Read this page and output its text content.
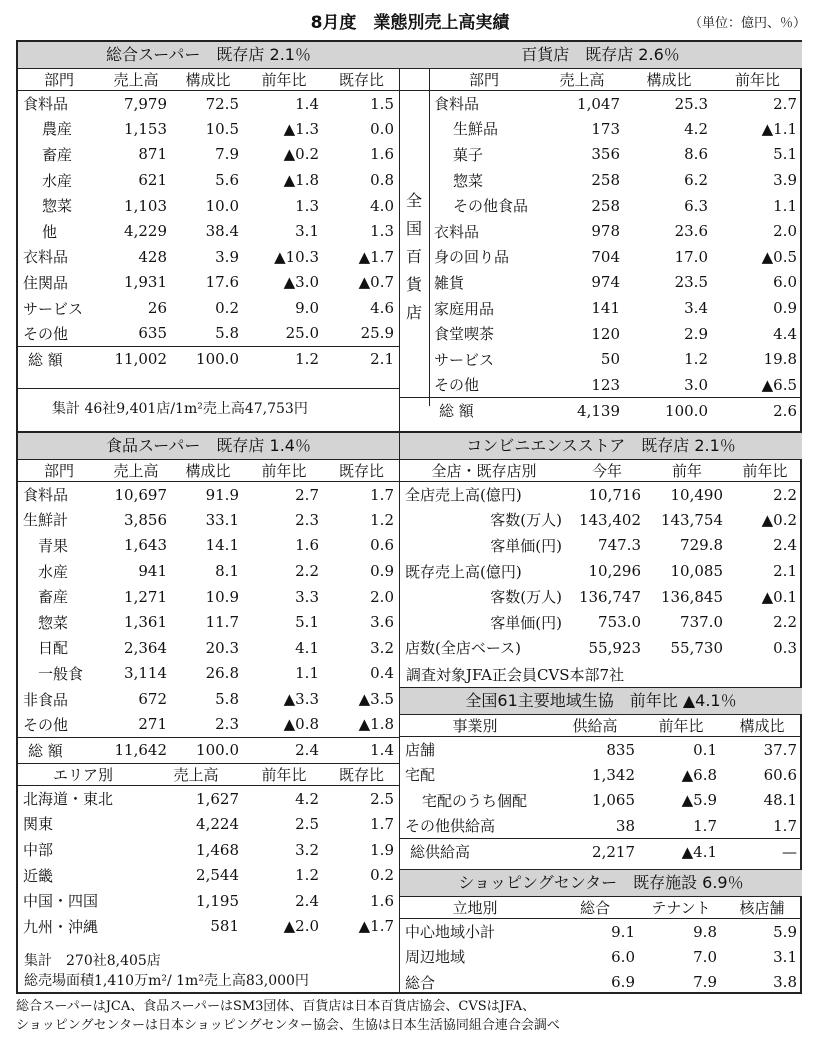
8月度　業態別売上高実績	（単位：億円、％）
総合スーパー　既存店 2.1％
部門	売上高	構成比	前年比	既存比
食料品	7,979	72.5	1.4	1.5
農産	1,153	10.5	▲1.3	0.0
畜産	871	7.9	▲0.2	1.6
水産	621	5.6	▲1.8	0.8
惣菜	1,103	10.0	1.3	4.0
他	4,229	38.4	3.1	1.3
衣料品	428	3.9	▲10.3	▲1.7
住関品	1,931	17.6	▲3.0	▲0.7
サービス	26	0.2	9.0	4.6
その他	635	5.8	25.0	25.9
総 額	11,002	100.0	1.2	2.1
集計 46社9,401店/1m²売上高47,753円
百貨店　既存店 2.6％
全
国
百
貨
店
	部門	売上高	構成比	前年比
	食料品	1,047	25.3	2.7
	生鮮品	173	4.2	▲1.1
	菓子	356	8.6	5.1
	惣菜	258	6.2	3.9
	その他食品	258	6.3	1.1
	衣料品	978	23.6	2.0
	身の回り品	704	17.0	▲0.5
	雑貨	974	23.5	6.0
	家庭用品	141	3.4	0.9
	食堂喫茶	120	2.9	4.4
	サービス	50	1.2	19.8
	その他	123	3.0	▲6.5
	総 額	4,139	100.0	2.6
食品スーパー　既存店 1.4％
部門	売上高	構成比	前年比	既存比
食料品	10,697	91.9	2.7	1.7
生鮮計	3,856	33.1	2.3	1.2
青果	1,643	14.1	1.6	0.6
水産	941	8.1	2.2	0.9
畜産	1,271	10.9	3.3	2.0
惣菜	1,361	11.7	5.1	3.6
日配	2,364	20.3	4.1	3.2
一般食	3,114	26.8	1.1	0.4
非食品	672	5.8	▲3.3	▲3.5
その他	271	2.3	▲0.8	▲1.8
総 額	11,642	100.0	2.4	1.4
エリア別	売上高	前年比	既存比
北海道・東北	1,627	4.2	2.5
関東	4,224	2.5	1.7
中部	1,468	3.2	1.9
近畿	2,544	1.2	0.2
中国・四国	1,195	2.4	1.6
九州・沖縄	581	▲2.0	▲1.7
集計　270社8,405店
総売場面積1,410万m²/ 1m²売上高83,000円
コンビニエンスストア　既存店 2.1％
全店・既存店別	今年	前年	前年比
全店売上高(億円)	10,716	10,490	2.2
客数(万人)	143,402	143,754	▲0.2
客単価(円)	747.3	729.8	2.4
既存売上高(億円)	10,296	10,085	2.1
客数(万人)	136,747	136,845	▲0.1
客単価(円)	753.0	737.0	2.2
店数(全店ベース)	55,923	55,730	0.3
調査対象JFA正会員CVS本部7社
全国61主要地域生協　前年比 ▲4.1％
事業別	供給高	前年比	構成比
店舗	835	0.1	37.7
宅配	1,342	▲6.8	60.6
宅配のうち個配	1,065	▲5.9	48.1
その他供給高	38	1.7	1.7
総供給高	2,217	▲4.1	—
ショッピングセンター　既存施設 6.9％
立地別	総合	テナント	核店舗
中心地域小計	9.1	9.8	5.9
周辺地域	6.0	7.0	3.1
総合	6.9	7.9	3.8
総合スーパーはJCA、食品スーパーはSM3団体、百貨店は日本百貨店協会、CVSはJFA、
ショッピングセンターは日本ショッピングセンター協会、生協は日本生活協同組合連合会調べ
